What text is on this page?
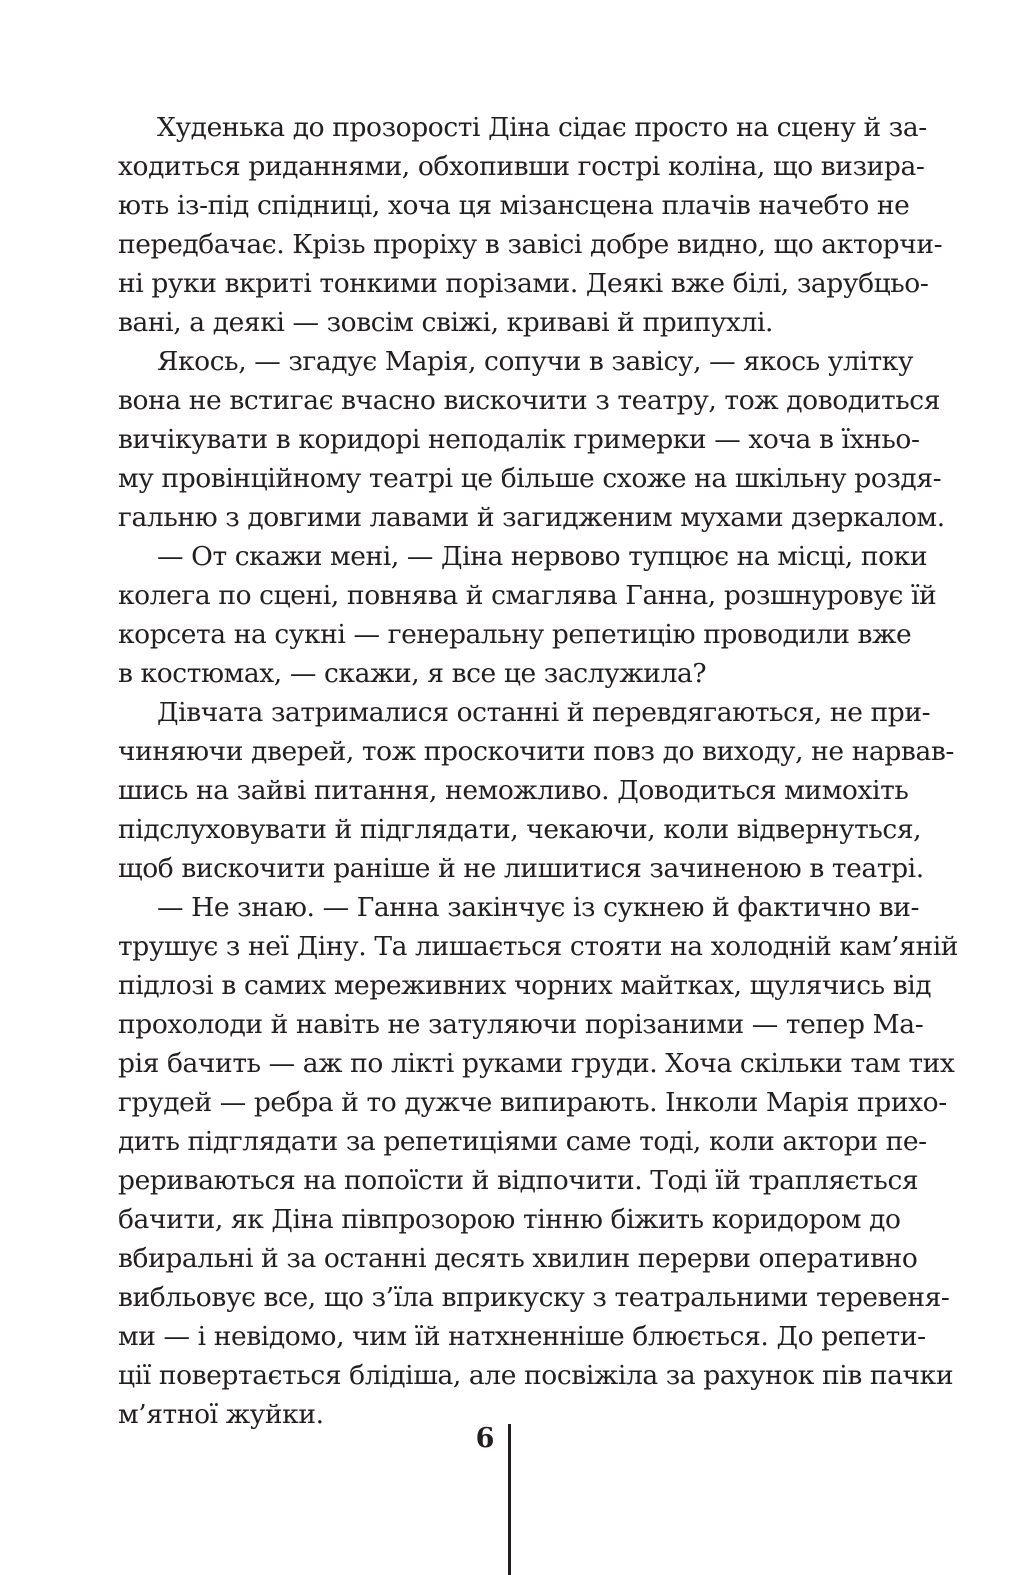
Худенька до прозорості Діна сідає просто на сцену й за-
ходиться риданнями, обхопивши гострі коліна, що визира-
ють із-під спідниці, хоча ця мізансцена плачів начебто не
передбачає. Крізь проріху в завісі добре видно, що акторчи-
ні руки вкриті тонкими порізами. Деякі вже білі, зарубцьо-
вані, а деякі — зовсім свіжі, криваві й припухлі.
Якось, — згадує Марія, сопучи в завісу, — якось улітку
вона не встигає вчасно вискочити з театру, тож доводиться
вичікувати в коридорі неподалік гримерки — хоча в їхньо-
му провінційному театрі це більше схоже на шкільну роздя-
гальню з довгими лавами й загидженим мухами дзеркалом.
— От скажи мені, — Діна нервово тупцює на місці, поки
колега по сцені, повнява й смаглява Ганна, розшнуровує їй
корсета на сукні — генеральну репетицію проводили вже
в костюмах, — скажи, я все це заслужила?
Дівчата затрималися останні й перевдягаються, не при-
чиняючи дверей, тож проскочити повз до виходу, не нарвав-
шись на зайві питання, неможливо. Доводиться мимохіть
підслуховувати й підглядати, чекаючи, коли відвернуться,
щоб вискочити раніше й не лишитися зачиненою в театрі.
— Не знаю. — Ганна закінчує із сукнею й фактично ви-
трушує з неї Діну. Та лишається стояти на холодній кам’яній
підлозі в самих мереживних чорних майтках, щулячись від
прохолоди й навіть не затуляючи порізаними — тепер Ма-
рія бачить — аж по лікті руками груди. Хоча скільки там тих
грудей — ребра й то дужче випирають. Інколи Марія прихо-
дить підглядати за репетиціями саме тоді, коли актори пе-
рериваються на попоїсти й відпочити. Тоді їй трапляється
бачити, як Діна півпрозорою тінню біжить коридором до
вбиральні й за останні десять хвилин перерви оперативно
вибльовує все, що з’їла вприкуску з театральними теревеня-
ми — і невідомо, чим їй натхненніше блюється. До репети-
ції повертається блідіша, але посвіжіла за рахунок пів пачки
м’ятної жуйки.
6
